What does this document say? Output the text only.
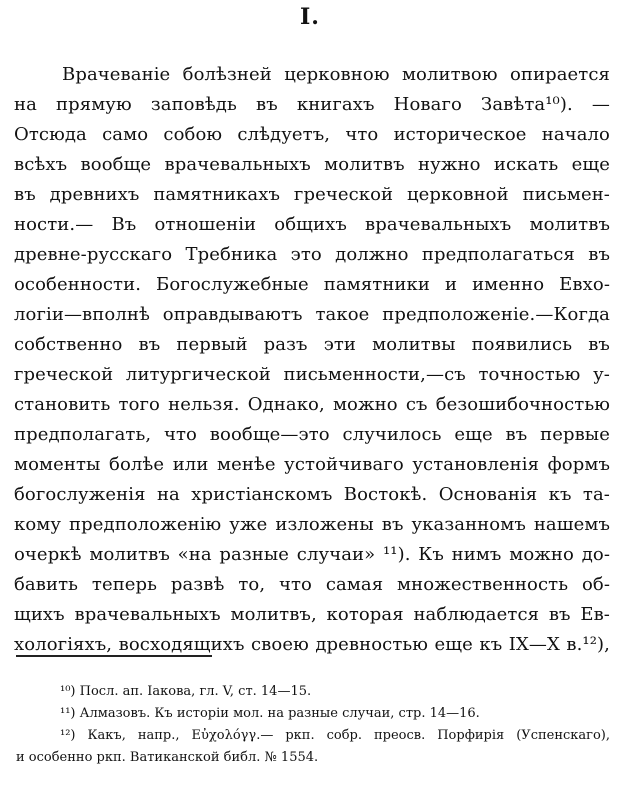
I.
Врачеванiе болѣзней церковною молитвою опирается
на прямую заповѣдь въ книгахъ Новаго Завѣта¹⁰). —
Отсюда само собою слѣдуетъ, что историческое начало
всѣхъ вообще врачевальныхъ молитвъ нужно искать еще
въ древнихъ памятникахъ греческой церковной письмен-
ности.— Въ отношенiи общихъ врачевальныхъ молитвъ
древне-русскаго Требника это должно предполагаться въ
особенности. Богослужебные памятники и именно Евхо-
логiи—вполнѣ оправдываютъ такое предположенiе.—Когда
собственно въ первый разъ эти молитвы появились въ
греческой литургической письменности,—съ точностью у-
становить того нельзя. Однако, можно съ безошибочностью
предполагать, что вообще—это случилось еще въ первые
моменты болѣе или менѣе устойчиваго установленiя формъ
богослуженiя на христiанскомъ Востокѣ. Основанiя къ та-
кому предположенiю уже изложены въ указанномъ нашемъ
очеркѣ молитвъ «на разные случаи» ¹¹). Къ нимъ можно до-
бавить теперь развѣ то, что самая множественность об-
щихъ врачевальныхъ молитвъ, которая наблюдается въ Ев-
хологiяхъ, восходящихъ своею древностью еще къ IX—X в.¹²),
¹⁰) Посл. ап. Iакова, гл. V, ст. 14—15.
¹¹) Алмазовъ. Къ исторiи мол. на разные случаи, стр. 14—16.
¹²) Какъ, напр., Εὐχολόγγ.— ркп. собр. преосв. Порфирiя (Успенскаго),
и особенно ркп. Ватиканской библ. № 1554.
